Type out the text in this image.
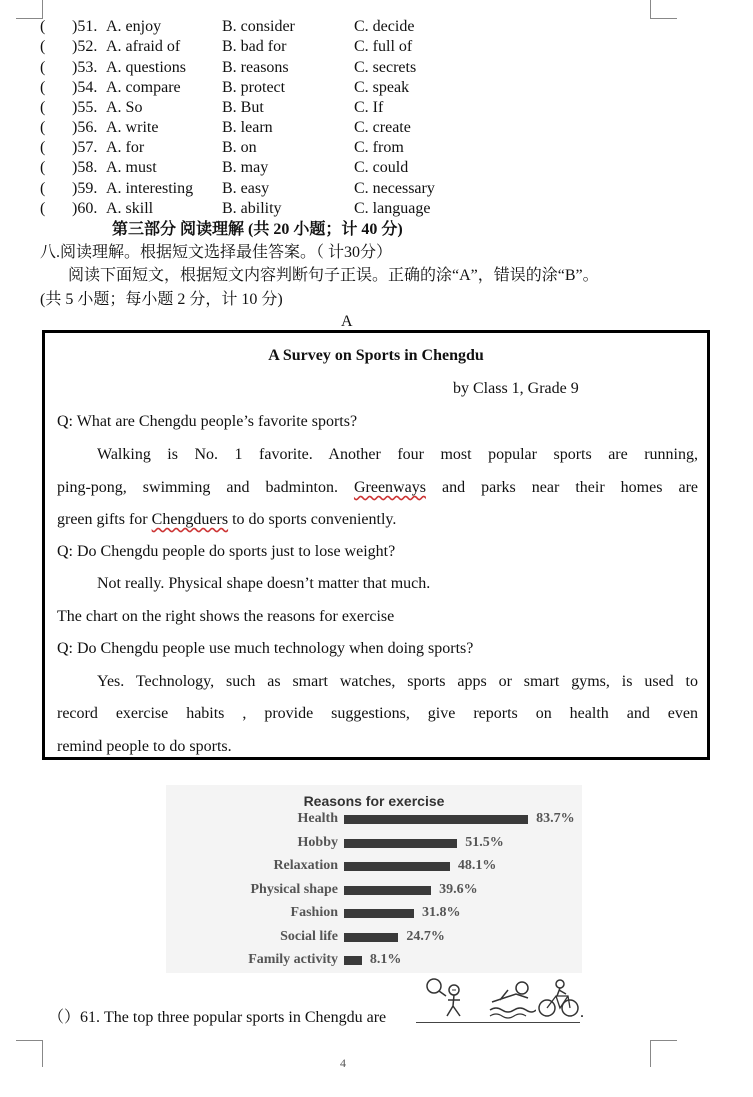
( )51. A. enjoy	B. consider	C. decide
( )52. A. afraid of	B. bad for	C. full of
( )53. A. questions B. reasons	C. secrets
( )54. A. compare	B. protect	C. speak
( )55. A. So	B. But	C. If
( )56. A. write	B. learn	C. create
( )57. A. for	B. on	C. from
( )58. A. must	B. may	C. could
( )59. A. interesting B. easy	C. necessary
( )60. A. skill	B. ability	C. language
第三部分 阅读理解 (共 20 小题；计 40 分)
八.阅读理解。根据短文选择最佳答案。（ 计30分）
阅读下面短文，根据短文内容判断句子正误。正确的涂“A”，错误的涂“B”。
(共 5 小题；每小题 2 分，计 10 分)
A
A Survey on Sports in Chengdu
by Class 1, Grade 9
Q: What are Chengdu people’s favorite sports?
Walking is No. 1 favorite. Another four most popular sports are running,
ping-pong, swimming and badminton. Greenways and parks near their homes are
green gifts for Chengduers to do sports conveniently.
Q: Do Chengdu people do sports just to lose weight?
Not really. Physical shape doesn’t matter that much.
The chart on the right shows the reasons for exercise
Q: Do Chengdu people use much technology when doing sports?
Yes. Technology, such as smart watches, sports apps or smart gyms, is used to
record exercise habits , provide suggestions, give reports on health and even
remind people to do sports.
Reasons for exercise
Health	83.7%
Hobby	51.5%
Relaxation	48.1%
Physical shape	39.6%
Fashion	31.8%
Social life	24.7%
Family activity 8.1%
（）61. The top three popular sports in Chengdu are	.
4
